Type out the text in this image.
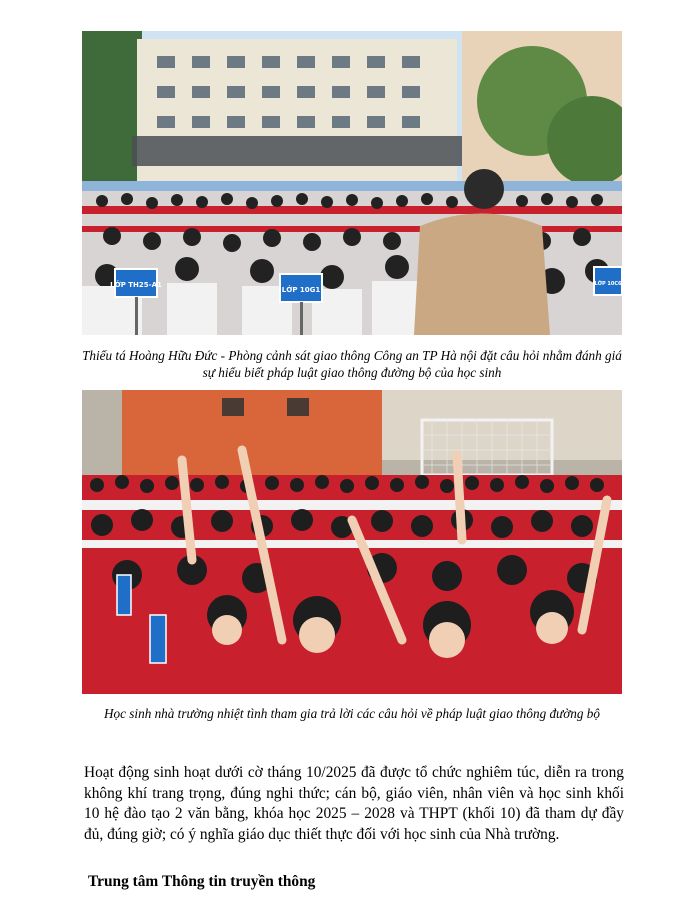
LỚP TH25-A1
LỚP 10G1
LỚP 10C6
Thiếu tá Hoàng Hữu Đức - Phòng cảnh sát giao thông Công an TP Hà nội đặt câu hỏi nhằm đánh giá sự hiểu biết pháp luật giao thông đường bộ của học sinh
Học sinh nhà trường nhiệt tình tham gia trả lời các câu hỏi về pháp luật giao thông đường bộ

Hoạt động sinh hoạt dưới cờ tháng 10/2025 đã được tổ chức nghiêm túc, diễn ra trong không khí trang trọng, đúng nghi thức; cán bộ, giáo viên, nhân viên và học sinh khối 10 hệ đào tạo 2 văn bằng, khóa học 2025 – 2028 và THPT (khối 10) đã tham dự đầy đủ, đúng giờ; có ý nghĩa giáo dục thiết thực đối với học sinh của Nhà trường.

Trung tâm Thông tin truyền thông
